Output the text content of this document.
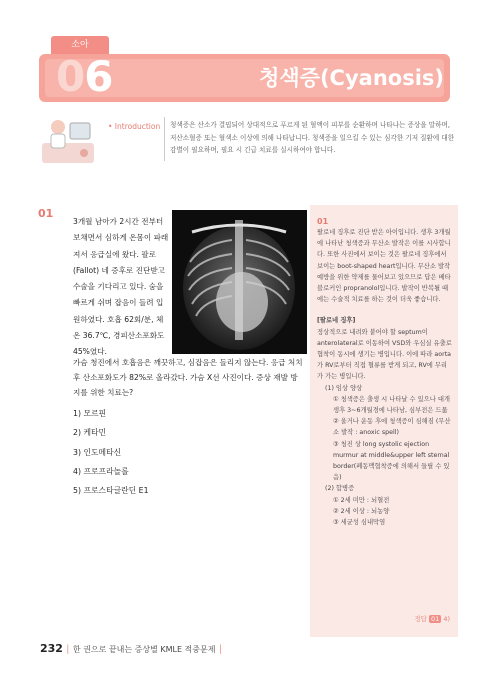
소아
06	청색증(Cyanosis)
• Introduction 청색증은 산소가 결핍되어 상대적으로 푸르게 된 혈액이 피부를 순환하며 나타나는 증상을 말하며, 저산소혈증 또는 혈색소 이상에 의해 나타납니다. 청색증을 일으킬 수 있는 심각한 기저 질환에 대한 감별이 필요하며, 필요 시 긴급 치료를 실시하여야 합니다.
01
3개월 남아가 2시간 전부터 보채면서 심하게 온몸이 파래져서 응급실에 왔다. 팔로(Fallot) 네 증후로 진단받고 수술을 기다리고 있다. 숨을 빠르게 쉬며 잡음이 들려 입원하였다. 호흡 62회/분, 체온 36.7℃, 경피산소포화도 45%였다.
가슴 청진에서 호흡음은 깨끗하고, 심잡음은 들리지 않는다. 응급 처치 후 산소포화도가 82%로 올라갔다. 가슴 X선 사진이다. 증상 재발 방지를 위한 치료는?
1) 모르핀
2) 케타민
3) 인도메타신
4) 프로프라놀롤
5) 프로스타글란딘 E1
01
팔로네 징후로 진단 받은 아이입니다. 생후 3개월에 나타난 청색증과 무산소 발작은 이를 시사합니다. 또한 사진에서 보이는 것은 팔로네 징후에서 보이는 boot-shaped heart입니다. 무산소 발작 예방을 위한 약제를 물어보고 있으므로 답은 베타 블로커인 propranolol입니다. 발작이 반복될 때에는 수술적 치료를 하는 것이 더욱 좋습니다.
[팔로네 징후]
정상적으로 내려와 붙어야 할 septum이 anterolateral로 이동하여 VSD와 우심실 유출로 협착이 동시에 생기는 병입니다. 이에 따라 aorta가 RV로부터 직접 혈류를 받게 되고, RV에 무리가 가는 병입니다.
(1) 임상 양상
① 청색증은 출생 시 나타날 수 있으나 대개 생후 3~6개월경에 나타남, 심부전은 드묾
② 울거나 운동 후에 청색증이 심해짐 (무산소 발작 : anoxic spell)
③ 청진 상 long systolic ejection murmur at middle&upper left sternal border(폐동맥협착증에 의해서 들릴 수 있음)
(2) 합병증
① 2세 미만 : 뇌혈전
② 2세 이상 : 뇌농양
③ 세균성 심내막염
정답 01 4)
232 │ 한 권으로 끝내는 증상별 KMLE 적중문제 │
